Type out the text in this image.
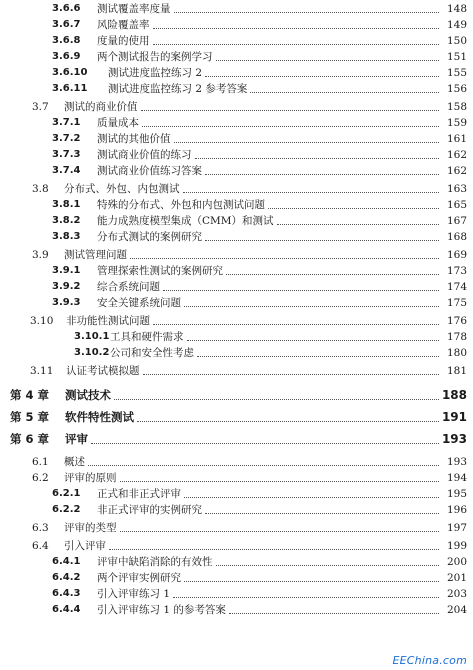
3.6.6 测试覆盖率度量	148
3.6.7 风险覆盖率	149
3.6.8 度量的使用	150
3.6.9 两个测试报告的案例学习	151
3.6.10 测试进度监控练习 2	155
3.6.11 测试进度监控练习 2 参考答案	156
3.7 测试的商业价值	158
3.7.1 质量成本	159
3.7.2 测试的其他价值	161
3.7.3 测试商业价值的练习	162
3.7.4 测试商业价值练习答案	162
3.8 分布式、外包、内包测试	163
3.8.1 特殊的分布式、外包和内包测试问题	165
3.8.2 能力成熟度模型集成（CMM）和测试	167
3.8.3 分布式测试的案例研究	168
3.9 测试管理问题	169
3.9.1 管理探索性测试的案例研究	173
3.9.2 综合系统问题	174
3.9.3 安全关键系统问题	175
3.10 非功能性测试问题	176
3.10.1 工具和硬件需求	178
3.10.2 公司和安全性考虑	180
3.11 认证考试模拟题	181
第 4 章 测试技术	188
第 5 章 软件特性测试	191
第 6 章 评审	193
6.1 概述	193
6.2 评审的原则	194
6.2.1 正式和非正式评审	195
6.2.2 非正式评审的实例研究	196
6.3 评审的类型	197
6.4 引入评审	199
6.4.1 评审中缺陷消除的有效性	200
6.4.2 两个评审实例研究	201
6.4.3 引入评审练习 1	203
6.4.4 引入评审练习 1 的参考答案	204
EEChina.com
